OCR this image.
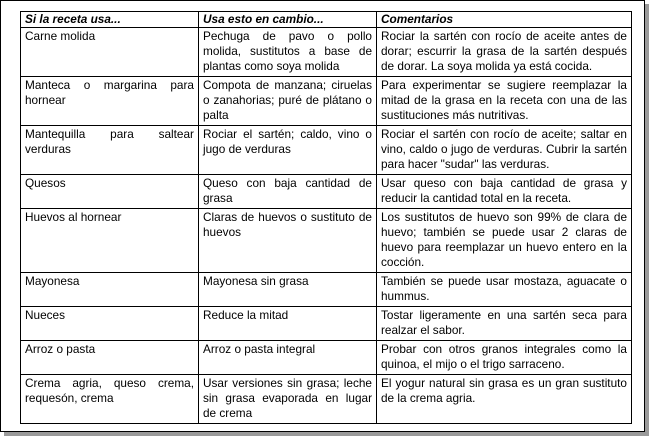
Si la receta usa...	Usa esto en cambio...	Comentarios
Carne molida	Pechuga de pavo o pollo molida, sustitutos a base de plantas como soya molida	Rociar la sartén con rocío de aceite antes de dorar; escurrir la grasa de la sartén después de dorar. La soya molida ya está cocida.
Manteca o margarina para hornear	Compota de manzana; ciruelas o zanahorias; puré de plátano o palta	Para experimentar se sugiere reemplazar la mitad de la grasa en la receta con una de las sustituciones más nutritivas.
Mantequilla para saltear verduras	Rociar el sartén; caldo, vino o jugo de verduras	Rociar el sartén con rocío de aceite; saltar en vino, caldo o jugo de verduras. Cubrir la sartén para hacer "sudar" las verduras.
Quesos	Queso con baja cantidad de grasa	Usar queso con baja cantidad de grasa y reducir la cantidad total en la receta.
Huevos al hornear	Claras de huevos o sustituto de huevos	Los sustitutos de huevo son 99% de clara de huevo; también se puede usar 2 claras de huevo para reemplazar un huevo entero en la cocción.
Mayonesa	Mayonesa sin grasa	También se puede usar mostaza, aguacate o hummus.
Nueces	Reduce la mitad	Tostar ligeramente en una sartén seca para realzar el sabor.
Arroz o pasta	Arroz o pasta integral	Probar con otros granos integrales como la quinoa, el mijo o el trigo sarraceno.
Crema agria, queso crema, requesón, crema	Usar versiones sin grasa; leche sin grasa evaporada en lugar de crema	El yogur natural sin grasa es un gran sustituto de la crema agria.
